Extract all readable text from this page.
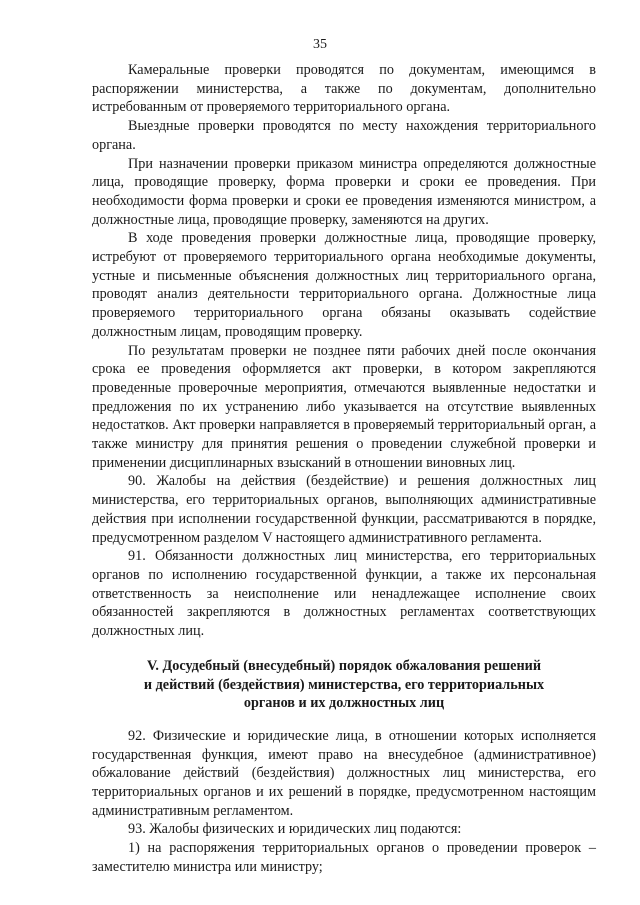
35

Камеральные проверки проводятся по документам, имеющимся в распоряжении министерства, а также по документам, дополнительно истребованным от проверяемого территориального органа.

Выездные проверки проводятся по месту нахождения территориального органа.

При назначении проверки приказом министра определяются должностные лица, проводящие проверку, форма проверки и сроки ее проведения. При необходимости форма проверки и сроки ее проведения изменяются министром, а должностные лица, проводящие проверку, заменяются на других.

В ходе проведения проверки должностные лица, проводящие проверку, истребуют от проверяемого территориального органа необходимые документы, устные и письменные объяснения должностных лиц территориального органа, проводят анализ деятельности территориального органа. Должностные лица проверяемого территориального органа обязаны оказывать содействие должностным лицам, проводящим проверку.

По результатам проверки не позднее пяти рабочих дней после окончания срока ее проведения оформляется акт проверки, в котором закрепляются проведенные проверочные мероприятия, отмечаются выявленные недостатки и предложения по их устранению либо указывается на отсутствие выявленных недостатков. Акт проверки направляется в проверяемый территориальный орган, а также министру для принятия решения о проведении служебной проверки и применении дисциплинарных взысканий в отношении виновных лиц.

90. Жалобы на действия (бездействие) и решения должностных лиц министерства, его территориальных органов, выполняющих административные действия при исполнении государственной функции, рассматриваются в порядке, предусмотренном разделом V настоящего административного регламента.

91. Обязанности должностных лиц министерства, его территориальных органов по исполнению государственной функции, а также их персональная ответственность за неисполнение или ненадлежащее исполнение своих обязанностей закрепляются в должностных регламентах соответствующих должностных лиц.

V. Досудебный (внесудебный) порядок обжалования решений
и действий (бездействия) министерства, его территориальных
органов и их должностных лиц

92. Физические и юридические лица, в отношении которых исполняется государственная функция, имеют право на внесудебное (административное) обжалование действий (бездействия) должностных лиц министерства, его территориальных органов и их решений в порядке, предусмотренном настоящим административным регламентом.

93. Жалобы физических и юридических лиц подаются:

1) на распоряжения территориальных органов о проведении проверок – заместителю министра или министру;
